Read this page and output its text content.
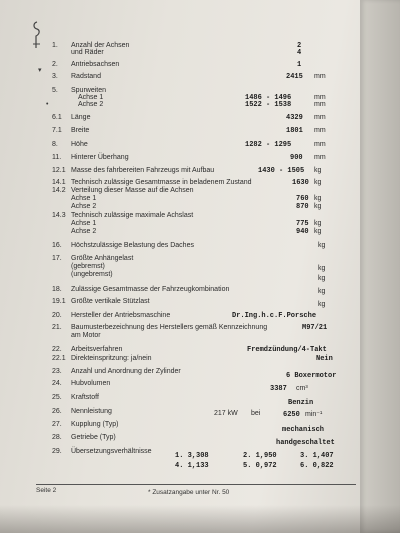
1. Anzahl der Achsen	2
und Räder	4
▾
2. Antriebsachsen	1
3. Radstand	2415 mm
5. Spurweiten
Achse 1	1486 - 1496	mm
•	Achse 2	1522 - 1538	mm
6.1 Länge	4329 mm
7.1 Breite	1801 mm
8. Höhe	1282 - 1295	mm
11. Hinterer Überhang	900 mm
12.1 Masse des fahrbereiten Fahrzeugs mit Aufbau	1430 - 1505 kg
14.1 Technisch zulässige Gesamtmasse in beladenem Zustand	1630 kg
14.2 Verteilung dieser Masse auf die Achsen
Achse 1	760 kg
Achse 2	870 kg
14.3 Technisch zulässige maximale Achslast
Achse 1	775 kg
Achse 2	940 kg
16. Höchstzulässige Belastung des Daches	kg
17. Größte Anhängelast
(gebremst)	kg
(ungebremst)
kg
18. Zulässige Gesamtmasse der Fahrzeugkombination	kg
19.1 Größte vertikale Stützlast	kg
20. Hersteller der Antriebsmaschine	Dr.Ing.h.c.F.Porsche
21. Baumusterbezeichnung des Herstellers gemäß Kennzeichnung	M97/21
am Motor
22. Arbeitsverfahren	Fremdzündung/4-Takt
22.1 Direkteinspritzung: ja/nein	Nein
23. Anzahl und Anordnung der Zylinder
6 Boxermotor
24. Hubvolumen
3387 cm³
25. Kraftstoff
Benzin
26. Nennleistung	217 kW bei	6250 min⁻¹
27. Kupplung (Typ)
mechanisch
28. Getriebe (Typ)
handgeschaltet
29. Übersetzungsverhältnisse
1. 3,308	2. 1,950	3. 1,407
4. 1,133	5. 0,972	6. 0,822
Seite 2	* Zusatzangabe unter Nr. 50
